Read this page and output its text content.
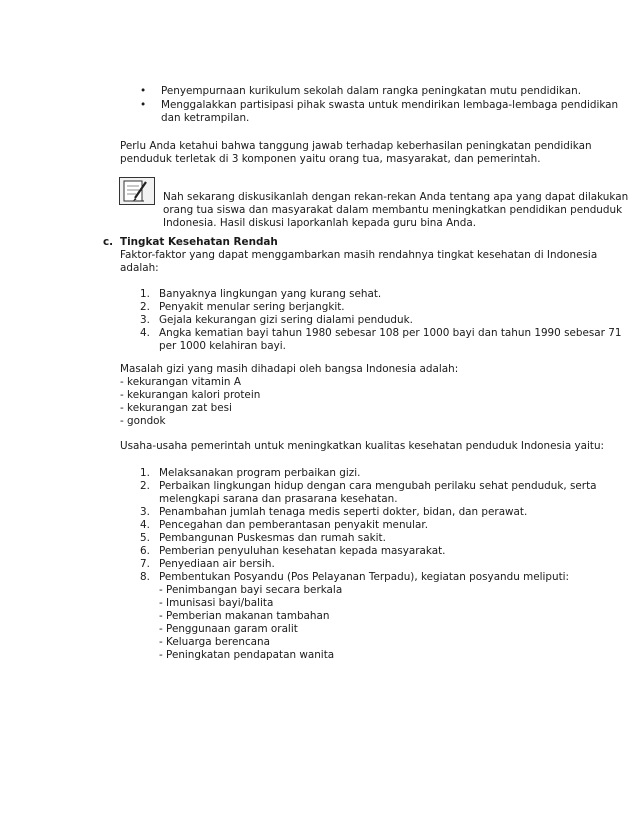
• Penyempurnaan kurikulum sekolah dalam rangka peningkatan mutu pendidikan.
• Menggalakkan partisipasi pihak swasta untuk mendirikan lembaga-lembaga pendidikan
dan ketrampilan.
Perlu Anda ketahui bahwa tanggung jawab terhadap keberhasilan peningkatan pendidikan
penduduk terletak di 3 komponen yaitu orang tua, masyarakat, dan pemerintah.
Nah sekarang diskusikanlah dengan rekan-rekan Anda tentang apa yang dapat dilakukan
orang tua siswa dan masyarakat dalam membantu meningkatkan pendidikan penduduk
Indonesia. Hasil diskusi laporkanlah kepada guru bina Anda.
c. Tingkat Kesehatan Rendah
Faktor-faktor yang dapat menggambarkan masih rendahnya tingkat kesehatan di Indonesia
adalah:
1. Banyaknya lingkungan yang kurang sehat.
2. Penyakit menular sering berjangkit.
3. Gejala kekurangan gizi sering dialami penduduk.
4. Angka kematian bayi tahun 1980 sebesar 108 per 1000 bayi dan tahun 1990 sebesar 71
per 1000 kelahiran bayi.
Masalah gizi yang masih dihadapi oleh bangsa Indonesia adalah:
- kekurangan vitamin A
- kekurangan kalori protein
- kekurangan zat besi
- gondok
Usaha-usaha pemerintah untuk meningkatkan kualitas kesehatan penduduk Indonesia yaitu:
1. Melaksanakan program perbaikan gizi.
2. Perbaikan lingkungan hidup dengan cara mengubah perilaku sehat penduduk, serta
melengkapi sarana dan prasarana kesehatan.
3. Penambahan jumlah tenaga medis seperti dokter, bidan, dan perawat.
4. Pencegahan dan pemberantasan penyakit menular.
5. Pembangunan Puskesmas dan rumah sakit.
6. Pemberian penyuluhan kesehatan kepada masyarakat.
7. Penyediaan air bersih.
8. Pembentukan Posyandu (Pos Pelayanan Terpadu), kegiatan posyandu meliputi:
- Penimbangan bayi secara berkala
- Imunisasi bayi/balita
- Pemberian makanan tambahan
- Penggunaan garam oralit
- Keluarga berencana
- Peningkatan pendapatan wanita
